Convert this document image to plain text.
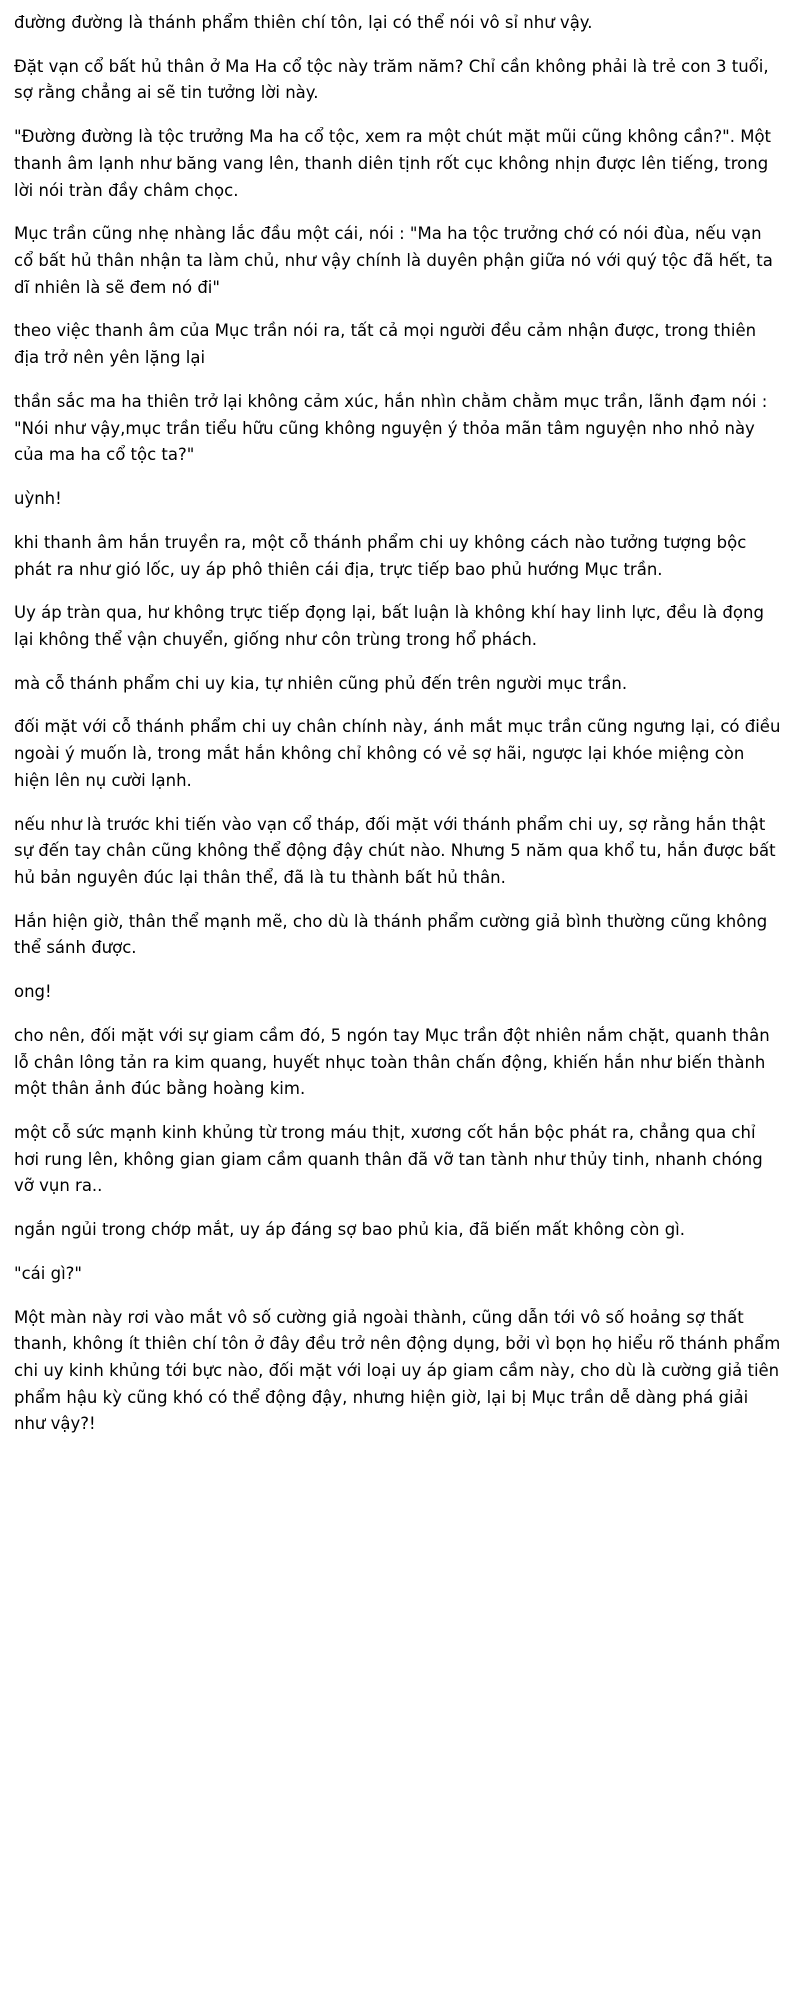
đường đường là thánh phẩm thiên chí tôn, lại có thể nói vô sỉ như vậy.

Đặt vạn cổ bất hủ thân ở Ma Ha cổ tộc này trăm năm? Chỉ cần không phải là trẻ con 3 tuổi, sợ rằng chẳng ai sẽ tin tưởng lời này.

"Đường đường là tộc trưởng Ma ha cổ tộc, xem ra một chút mặt mũi cũng không cần?". Một thanh âm lạnh như băng vang lên, thanh diên tịnh rốt cục không nhịn được lên tiếng, trong lời nói tràn đầy châm chọc.

Mục trần cũng nhẹ nhàng lắc đầu một cái, nói : "Ma ha tộc trưởng chớ có nói đùa, nếu vạn cổ bất hủ thân nhận ta làm chủ, như vậy chính là duyên phận giữa nó với quý tộc đã hết, ta dĩ nhiên là sẽ đem nó đi"

theo việc thanh âm của Mục trần nói ra, tất cả mọi người đều cảm nhận được, trong thiên địa trở nên yên lặng lại

thần sắc ma ha thiên trở lại không cảm xúc, hắn nhìn chằm chằm mục trần, lãnh đạm nói : "Nói như vậy,mục trần tiểu hữu cũng không nguyện ý thỏa mãn tâm nguyện nho nhỏ này của ma ha cổ tộc ta?"

uỳnh!

khi thanh âm hắn truyền ra, một cỗ thánh phẩm chi uy không cách nào tưởng tượng bộc phát ra như gió lốc, uy áp phô thiên cái địa, trực tiếp bao phủ hướng Mục trần.

Uy áp tràn qua, hư không trực tiếp đọng lại, bất luận là không khí hay linh lực, đều là đọng lại không thể vận chuyển, giống như côn trùng trong hổ phách.

mà cỗ thánh phẩm chi uy kia, tự nhiên cũng phủ đến trên người mục trần.

đối mặt với cỗ thánh phẩm chi uy chân chính này, ánh mắt mục trần cũng ngưng lại, có điều ngoài ý muốn là, trong mắt hắn không chỉ không có vẻ sợ hãi, ngược lại khóe miệng còn hiện lên nụ cười lạnh.

nếu như là trước khi tiến vào vạn cổ tháp, đối mặt với thánh phẩm chi uy, sợ rằng hắn thật sự đến tay chân cũng không thể động đậy chút nào. Nhưng 5 năm qua khổ tu, hắn được bất hủ bản nguyên đúc lại thân thể, đã là tu thành bất hủ thân.

Hắn hiện giờ, thân thể mạnh mẽ, cho dù là thánh phẩm cường giả bình thường cũng không thể sánh được.

ong!

cho nên, đối mặt với sự giam cầm đó, 5 ngón tay Mục trần đột nhiên nắm chặt, quanh thân lỗ chân lông tản ra kim quang, huyết nhục toàn thân chấn động, khiến hắn như biến thành một thân ảnh đúc bằng hoàng kim.

một cỗ sức mạnh kinh khủng từ trong máu thịt, xương cốt hắn bộc phát ra, chẳng qua chỉ hơi rung lên, không gian giam cầm quanh thân đã vỡ tan tành như thủy tinh, nhanh chóng vỡ vụn ra..

ngắn ngủi trong chớp mắt, uy áp đáng sợ bao phủ kia, đã biến mất không còn gì.

"cái gì?"

Một màn này rơi vào mắt vô số cường giả ngoài thành, cũng dẫn tới vô số hoảng sợ thất thanh, không ít thiên chí tôn ở đây đều trở nên động dụng, bởi vì bọn họ hiểu rõ thánh phẩm chi uy kinh khủng tới bực nào, đối mặt với loại uy áp giam cầm này, cho dù là cường giả tiên phẩm hậu kỳ cũng khó có thể động đậy, nhưng hiện giờ, lại bị Mục trần dễ dàng phá giải như vậy?!
